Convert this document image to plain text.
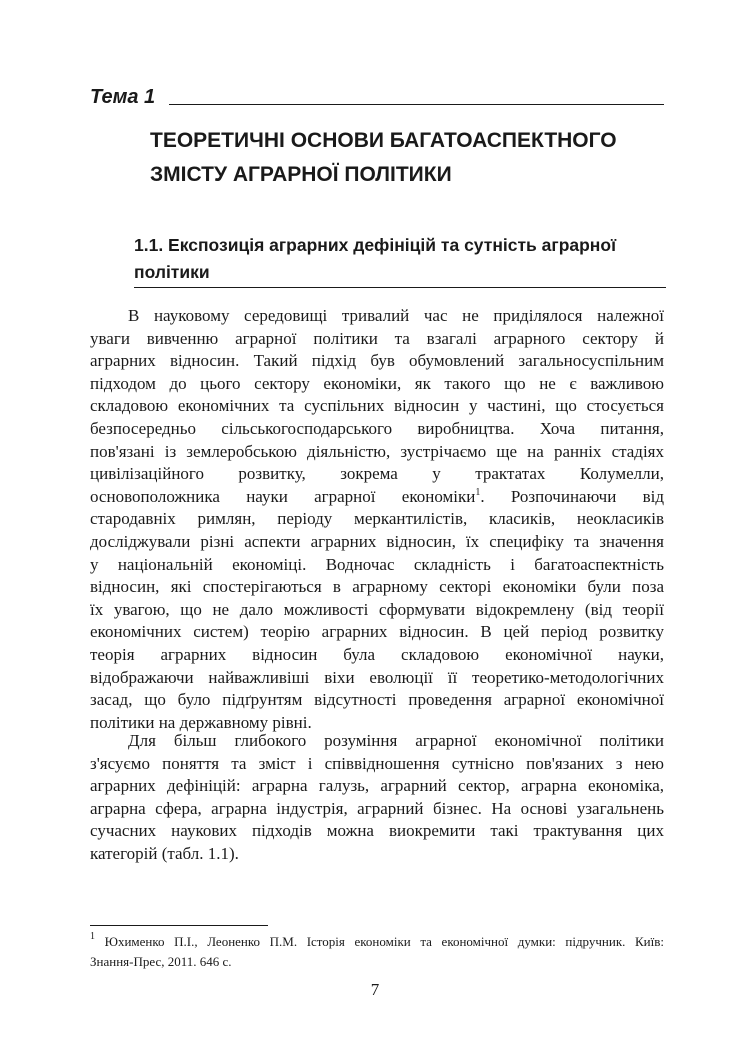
Тема 1
ТЕОРЕТИЧНІ ОСНОВИ БАГАТОАСПЕКТНОГО
ЗМІСТУ АГРАРНОЇ ПОЛІТИКИ
1.1. Експозиція аграрних дефініцій та сутність аграрної
політики
В науковому середовищі тривалий час не приділялося належної
уваги вивченню аграрної політики та взагалі аграрного сектору й
аграрних відносин. Такий підхід був обумовлений загальносуспільним
підходом до цього сектору економіки, як такого що не є важливою
складовою економічних та суспільних відносин у частині, що стосується
безпосередньо сільськогосподарського виробництва. Хоча питання,
пов'язані із землеробською діяльністю, зустрічаємо ще на ранніх стадіях
цивілізаційного розвитку, зокрема у трактатах Колумелли,
основоположника науки аграрної економіки$^1$. Розпочинаючи від
стародавніх римлян, періоду меркантилістів, класиків, неокласиків
досліджували різні аспекти аграрних відносин, їх специфіку та значення
у національній економіці. Водночас складність і багатоаспектність
відносин, які спостерігаються в аграрному секторі економіки були поза
їх увагою, що не дало можливості сформувати відокремлену (від теорії
економічних систем) теорію аграрних відносин. В цей період розвитку
теорія аграрних відносин була складовою економічної науки,
відображаючи найважливіші віхи еволюції її теоретико-методологічних
засад, що було підґрунтям відсутності проведення аграрної економічної
політики на державному рівні.
Для більш глибокого розуміння аграрної економічної політики
з'ясуємо поняття та зміст і співвідношення сутнісно пов'язаних з нею
аграрних дефініцій: аграрна галузь, аграрний сектор, аграрна економіка,
аграрна сфера, аграрна індустрія, аграрний бізнес. На основі узагальнень
сучасних наукових підходів можна виокремити такі трактування цих
категорій (табл. 1.1).
$^1$ Юхименко П.І., Леоненко П.М. Історія економіки та економічної думки: підручник. Київ:
Знання-Прес, 2011. 646 с.
7
